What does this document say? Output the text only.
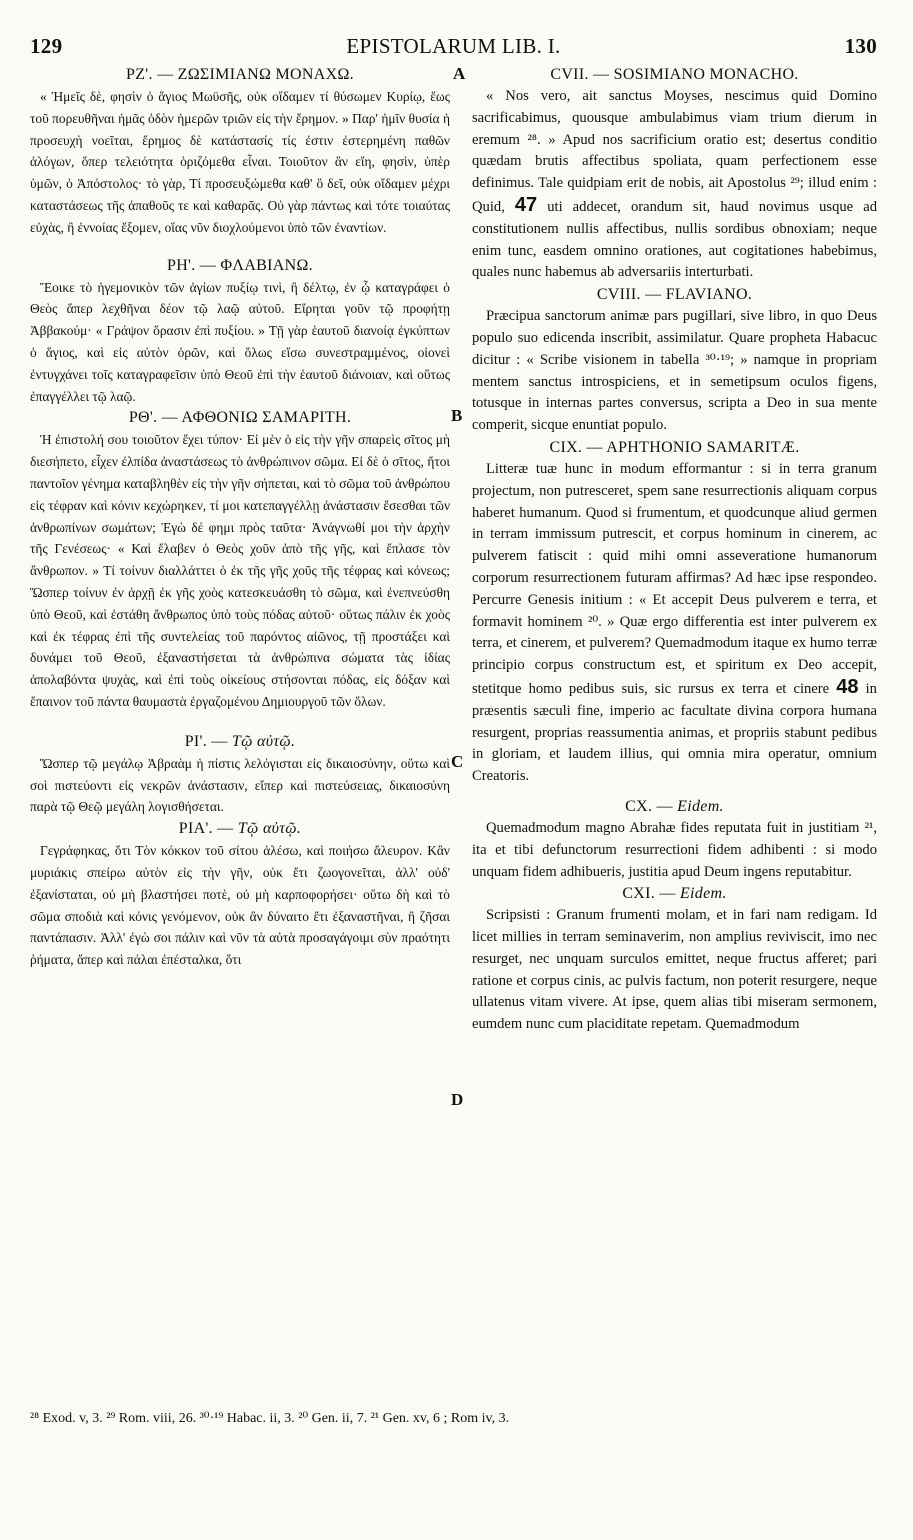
129	EPISTOLARUM LIB. I.	130
A
B
C
D

ΡΖ'. — ΖΩΣΙΜΙΑΝΩ ΜΟΝΑΧΩ.

« Ἡμεῖς δὲ, φησὶν ὁ ἅγιος Μωϋσῆς, οὐκ οἴδαμεν τί θύσωμεν Κυρίῳ, ἕως τοῦ πορευθῆναι ἡμᾶς ὁδὸν ἡμερῶν τριῶν εἰς τὴν ἔρημον. » Παρ' ἡμῖν θυσία ἡ προσευχὴ νοεῖται, ἔρημος δὲ κατάστασίς τίς ἐστιν ἐστερημένη παθῶν ἀλόγων, ὅπερ τελειότητα ὁριζόμεθα εἶναι. Τοιοῦτον ἂν εἴη, φησὶν, ὑπὲρ ὑμῶν, ὁ Ἀπόστολος· τὸ γὰρ, Τί προσευξώμεθα καθ' ὃ δεῖ, οὐκ οἴδαμεν μέχρι καταστάσεως τῆς ἀπαθοῦς τε καὶ καθαρᾶς. Οὐ γὰρ πάντως καὶ τότε τοιαύτας εὐχὰς, ἢ ἐννοίας ἕξομεν, οἵας νῦν διοχλούμενοι ὑπὸ τῶν ἐναντίων.

ΡΗ'. — ΦΛΑΒΙΑΝΩ.

Ἔοικε τὸ ἡγεμονικὸν τῶν ἁγίων πυξίῳ τινὶ, ἢ δέλτῳ, ἐν ᾧ καταγράφει ὁ Θεὸς ἅπερ λεχθῆναι δέον τῷ λαῷ αὐτοῦ. Εἴρηται γοῦν τῷ προφήτῃ Ἀββακούμ· « Γράψον ὅρασιν ἐπὶ πυξίου. » Τῇ γὰρ ἑαυτοῦ διανοίᾳ ἐγκύπτων ὁ ἅγιος, καὶ εἰς αὐτὸν ὁρῶν, καὶ ὅλως εἴσω συνεστραμμένος, οἱονεὶ ἐντυγχάνει τοῖς καταγραφεῖσιν ὑπὸ Θεοῦ ἐπὶ τὴν ἑαυτοῦ διάνοιαν, καὶ οὕτως ἐπαγγέλλει τῷ λαῷ.

ΡΘ'. — ΑΦΘΟΝΙΩ ΣΑΜΑΡΙΤΗ.

Ἡ ἐπιστολή σου τοιοῦτον ἔχει τύπον· Εἰ μὲν ὁ εἰς τὴν γῆν σπαρεὶς σῖτος μὴ διεσήπετο, εἶχεν ἐλπίδα ἀναστάσεως τὸ ἀνθρώπινον σῶμα. Εἰ δὲ ὁ σῖτος, ἤτοι παντοῖον γένημα καταβληθὲν εἰς τὴν γῆν σήπεται, καὶ τὸ σῶμα τοῦ ἀνθρώπου εἰς τέφραν καὶ κόνιν κεχώρηκεν, τί μοι κατεπαγγέλλῃ ἀνάστασιν ἔσεσθαι τῶν ἀνθρωπίνων σωμάτων; Ἐγὼ δέ φημι πρὸς ταῦτα· Ἀνάγνωθί μοι τὴν ἀρχὴν τῆς Γενέσεως· « Καὶ ἔλαβεν ὁ Θεὸς χοῦν ἀπὸ τῆς γῆς, καὶ ἔπλασε τὸν ἄνθρωπον. » Τί τοίνυν διαλλάττει ὁ ἐκ τῆς γῆς χοῦς τῆς τέφρας καὶ κόνεως; Ὥσπερ τοίνυν ἐν ἀρχῇ ἐκ γῆς χοὸς κατεσκευάσθη τὸ σῶμα, καὶ ἐνεπνεύσθη ὑπὸ Θεοῦ, καὶ ἐστάθη ἄνθρωπος ὑπὸ τοὺς πόδας αὐτοῦ· οὕτως πάλιν ἐκ χοὸς καὶ ἐκ τέφρας ἐπὶ τῆς συντελείας τοῦ παρόντος αἰῶνος, τῇ προστάξει καὶ δυνάμει τοῦ Θεοῦ, ἐξαναστήσεται τὰ ἀνθρώπινα σώματα τὰς ἰδίας ἀπολαβόντα ψυχὰς, καὶ ἐπὶ τοὺς οἰκείους στήσονται πόδας, εἰς δόξαν καὶ ἔπαινον τοῦ πάντα θαυμαστὰ ἐργαζομένου Δημιουργοῦ τῶν ὅλων.

ΡΙ'. — Τῷ αὐτῷ.

Ὥσπερ τῷ μεγάλῳ Ἀβραὰμ ἡ πίστις λελόγισται εἰς δικαιοσύνην, οὕτω καὶ σοὶ πιστεύοντι εἰς νεκρῶν ἀνάστασιν, εἴπερ καὶ πιστεύσειας, δικαιοσύνη παρὰ τῷ Θεῷ μεγάλη λογισθήσεται.

ΡΙΑ'. — Τῷ αὐτῷ.

Γεγράφηκας, ὅτι Τὸν κόκκον τοῦ σίτου ἀλέσω, καὶ ποιήσω ἄλευρον. Κἂν μυριάκις σπείρω αὐτὸν εἰς τὴν γῆν, οὐκ ἔτι ζωογονεῖται, ἀλλ' οὐδ' ἐξανίσταται, οὐ μὴ βλαστήσει ποτὲ, οὐ μὴ καρποφορήσει· οὕτω δὴ καὶ τὸ σῶμα σποδιὰ καὶ κόνις γενόμενον, οὐκ ἂν δύναιτο ἔτι ἐξαναστῆναι, ἢ ζῆσαι παντάπασιν. Ἀλλ' ἐγὼ σοι πάλιν καὶ νῦν τὰ αὐτὰ προσαγάγοιμι σὺν πραότητι ῥήματα, ἅπερ καὶ πάλαι ἐπέσταλκα, ὅτι

CVII. — SOSIMIANO MONACHO.

« Nos vero, ait sanctus Moyses, nescimus quid Domino sacrificabimus, quousque ambulabimus viam trium dierum in eremum ²⁸. » Apud nos sacrificium oratio est; desertus conditio quædam brutis affectibus spoliata, quam perfectionem esse definimus. Tale quidpiam erit de nobis, ait Apostolus ²⁹; illud enim : Quid, 47 uti addecet, orandum sit, haud novimus usque ad constitutionem nullis affectibus, nullis sordibus obnoxiam; neque enim tunc, easdem omnino orationes, aut cogitationes habebimus, quales nunc habemus ab adversariis interturbati.

CVIII. — FLAVIANO.

Præcipua sanctorum animæ pars pugillari, sive libro, in quo Deus populo suo edicenda inscribit, assimilatur. Quare propheta Habacuc dicitur : « Scribe visionem in tabella ³⁰·¹⁹; » namque in propriam mentem sanctus introspiciens, et in semetipsum oculos figens, totusque in internas partes conversus, scripta a Deo in sua mente comperit, sicque enuntiat populo.

CIX. — APHTHONIO SAMARITÆ.

Litteræ tuæ hunc in modum efformantur : si in terra granum projectum, non putresceret, spem sane resurrectionis aliquam corpus haberet humanum. Quod si frumentum, et quodcunque aliud germen in terram immissum putrescit, et corpus hominum in cinerem, ac pulverem fatiscit : quid mihi omni asseveratione humanorum corporum resurrectionem futuram affirmas? Ad hæc ipse respondeo. Percurre Genesis initium : « Et accepit Deus pulverem e terra, et formavit hominem ²⁰. » Quæ ergo differentia est inter pulverem ex terra, et cinerem, et pulverem? Quemadmodum itaque ex humo terræ principio corpus constructum est, et spiritum ex Deo accepit, stetitque homo pedibus suis, sic rursus ex terra et cinere 48 in præsentis sæculi fine, imperio ac facultate divina corpora humana resurgent, proprias reassumentia animas, et propriis stabunt pedibus in gloriam, et laudem illius, qui omnia mira operatur, omnium Creatoris.

CX. — Eidem.

Quemadmodum magno Abrahæ fides reputata fuit in justitiam ²¹, ita et tibi defunctorum resurrectioni fidem adhibenti : si modo unquam fidem adhibueris, justitia apud Deum ingens reputabitur.

CXI. — Eidem.

Scripsisti : Granum frumenti molam, et in fari nam redigam. Id licet millies in terram seminaverim, non amplius reviviscit, imo nec resurget, nec unquam surculos emittet, neque fructus afferet; pari ratione et corpus cinis, ac pulvis factum, non poterit resurgere, neque ullatenus vitam vivere. At ipse, quem alias tibi miseram sermonem, eumdem nunc cum placiditate repetam. Quemadmodum

²⁸ Exod. v, 3. ²⁹ Rom. viii, 26. ³⁰·¹⁹ Habac. ii, 3. ²⁰ Gen. ii, 7. ²¹ Gen. xv, 6 ; Rom iv, 3.
